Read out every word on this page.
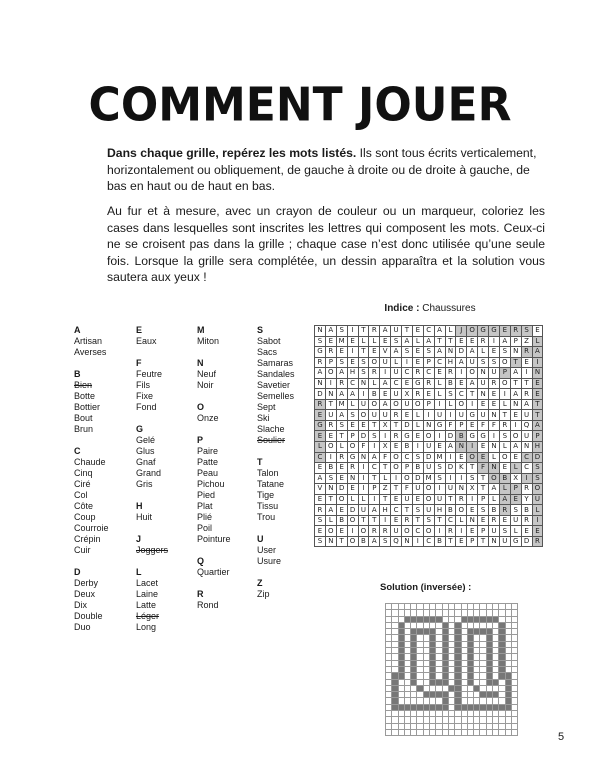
COMMENT JOUER
Dans chaque grille, repérez les mots listés. Ils sont tous écrits verticalement, horizontalement ou obliquement, de gauche à droite ou de droite à gauche, de bas en haut ou de haut en bas.
Au fur et à mesure, avec un crayon de couleur ou un marqueur, coloriez les cases dans lesquelles sont inscrites les lettres qui composent les mots. Ceux-ci ne se croisent pas dans la grille ; chaque case n’est donc utilisée qu’une seule fois. Lorsque la grille sera complétée, un dessin apparaîtra et la solution vous sautera aux yeux !
A
Artisan
Averses
B
Bien
Botte
Bottier
Bout
Brun
C
Chaude
Cinq
Ciré
Col
Côte
Coup
Courroie
Crépin
Cuir
D
Derby
Deux
Dix
Double
Duo
E
Eaux
F
Feutre
Fils
Fixe
Fond
G
Gelé
Glus
Gnaf
Grand
Gris
H
Huit
J
Joggers
L
Lacet
Laine
Latte
Léger
Long
M
Miton
N
Neuf
Noir
O
Onze
P
Paire
Patte
Peau
Pichou
Pied
Plat
Plié
Poil
Pointure
Q
Quartier
R
Rond
S
Sabot
Sacs
Samaras
Sandales
Savetier
Semelles
Sept
Ski
Slache
Soulier
T
Talon
Tatane
Tige
Tissu
Trou
U
User
Usure
Z
Zip
Indice : Chaussures
N	A	S	I	T	R	A	U	T	E	C	A	L	J	O	G	G	E	R	S	E
S	E	M	E	L	L	E	S	A	L	A	T	T	E	E	R	I	A	P	Z	L
G	R	E	I	T	E	V	A	S	E	S	A	N	D	A	L	E	S	N	R	A
R	P	S	E	S	O	U	L	I	E	P	C	H	A	U	S	S	O	T	E	I
A	O	A	H	S	R	I	U	C	R	C	E	R	I	O	N	U	P	A	I	N
N	I	R	C	N	L	A	C	E	G	R	L	B	E	A	U	R	O	T	T	E
D	N	A	A	I	B	E	U	X	R	E	L	S	C	T	N	E	I	A	R	E
R	T	M	L	U	O	A	O	U	O	P	I	L	O	I	E	E	L	N	A	T
E	U	A	S	O	U	U	R	E	L	I	U	I	U	G	U	N	T	E	U	T
G	R	S	E	E	T	X	T	D	L	N	G	F	P	E	F	F	R	I	Q	A
E	E	T	P	D	S	I	R	G	E	O	I	D	B	G	G	I	S	O	U	P
L	O	L	O	F	I	X	E	B	I	U	E	A	N	I	E	N	L	A	N	H
C	I	R	G	N	A	F	O	C	S	D	M	I	E	O	E	L	O	E	C	D
E	B	E	R	I	C	T	O	P	B	U	S	D	K	T	F	N	E	L	C	S
A	S	E	N	I	T	L	I	O	D	M	S	I	I	S	T	O	B	X	I	S
V	N	D	E	I	P	Z	T	F	U	O	I	U	N	X	T	A	L	P	R	O
E	T	O	L	L	I	T	E	U	E	O	U	T	R	I	P	L	A	E	Y	U
R	A	E	D	U	A	H	C	T	S	U	H	B	O	E	S	B	R	S	B	L
S	L	B	O	T	T	I	E	R	T	S	T	C	L	N	E	R	E	U	R	I
E	O	E	I	O	R	R	U	O	C	O	I	R	I	E	P	U	S	L	E	E
S	N	T	O	B	A	S	Q	N	I	C	B	T	E	P	T	N	U	G	D	R
Solution (inversée) :

5
